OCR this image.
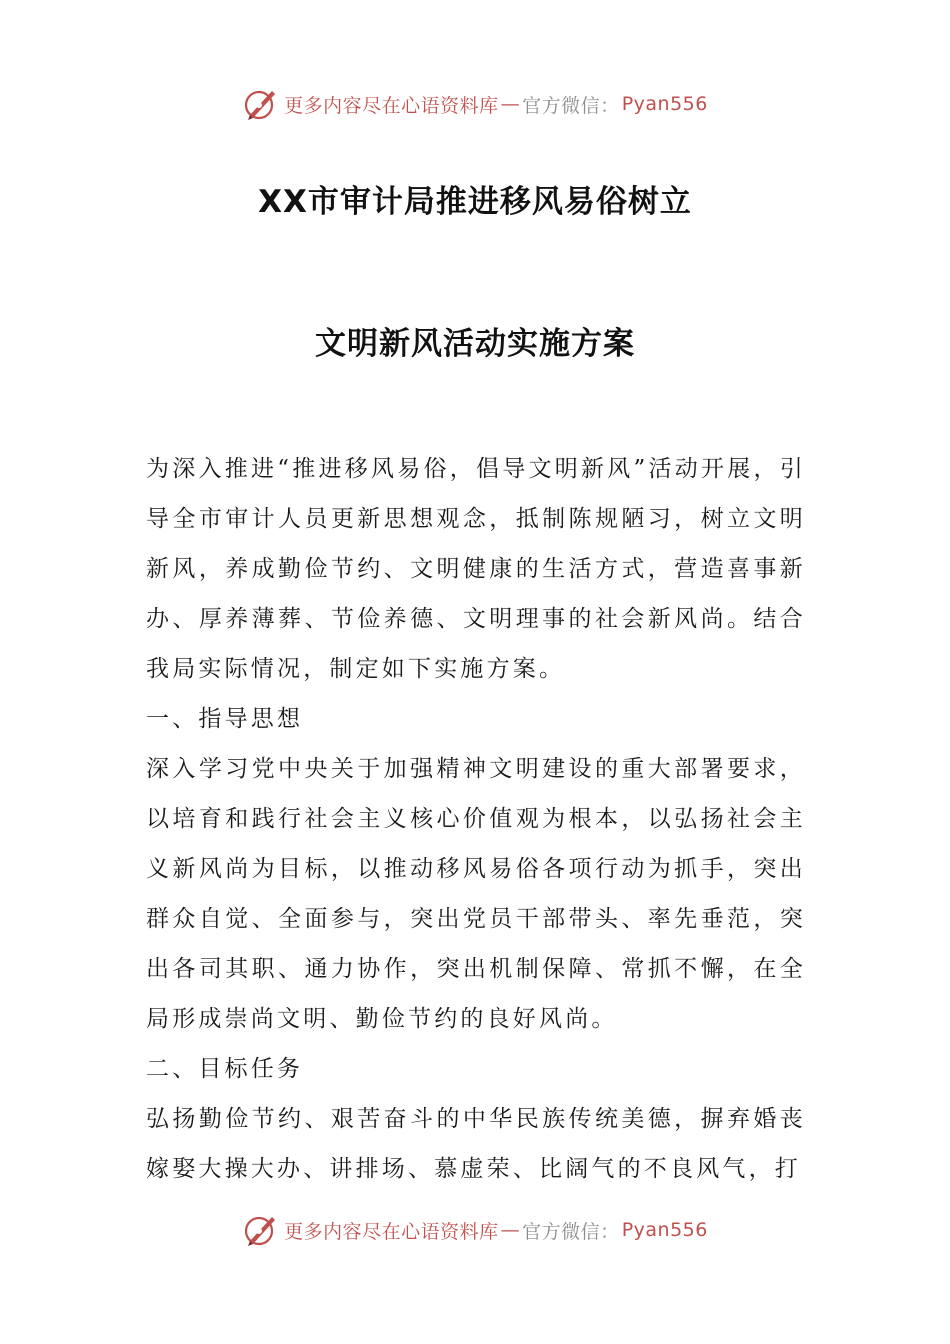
更多内容尽在心语资料库 — 官方微信： Pyan556
XX市审计局推进移风易俗树立
文明新风活动实施方案

为深入推进“推进移风易俗，倡导文明新风”活动开展，引导全市审计人员更新思想观念，抵制陈规陋习，树立文明新风，养成勤俭节约、文明健康的生活方式，营造喜事新办、厚养薄葬、节俭养德、文明理事的社会新风尚。结合我局实际情况，制定如下实施方案。

一、指导思想

深入学习党中央关于加强精神文明建设的重大部署要求，以培育和践行社会主义核心价值观为根本，以弘扬社会主义新风尚为目标，以推动移风易俗各项行动为抓手，突出群众自觉、全面参与，突出党员干部带头、率先垂范，突出各司其职、通力协作，突出机制保障、常抓不懈，在全局形成崇尚文明、勤俭节约的良好风尚。

二、目标任务

弘扬勤俭节约、艰苦奋斗的中华民族传统美德，摒弃婚丧嫁娶大操大办、讲排场、慕虚荣、比阔气的不良风气，打

更多内容尽在心语资料库 — 官方微信： Pyan556
